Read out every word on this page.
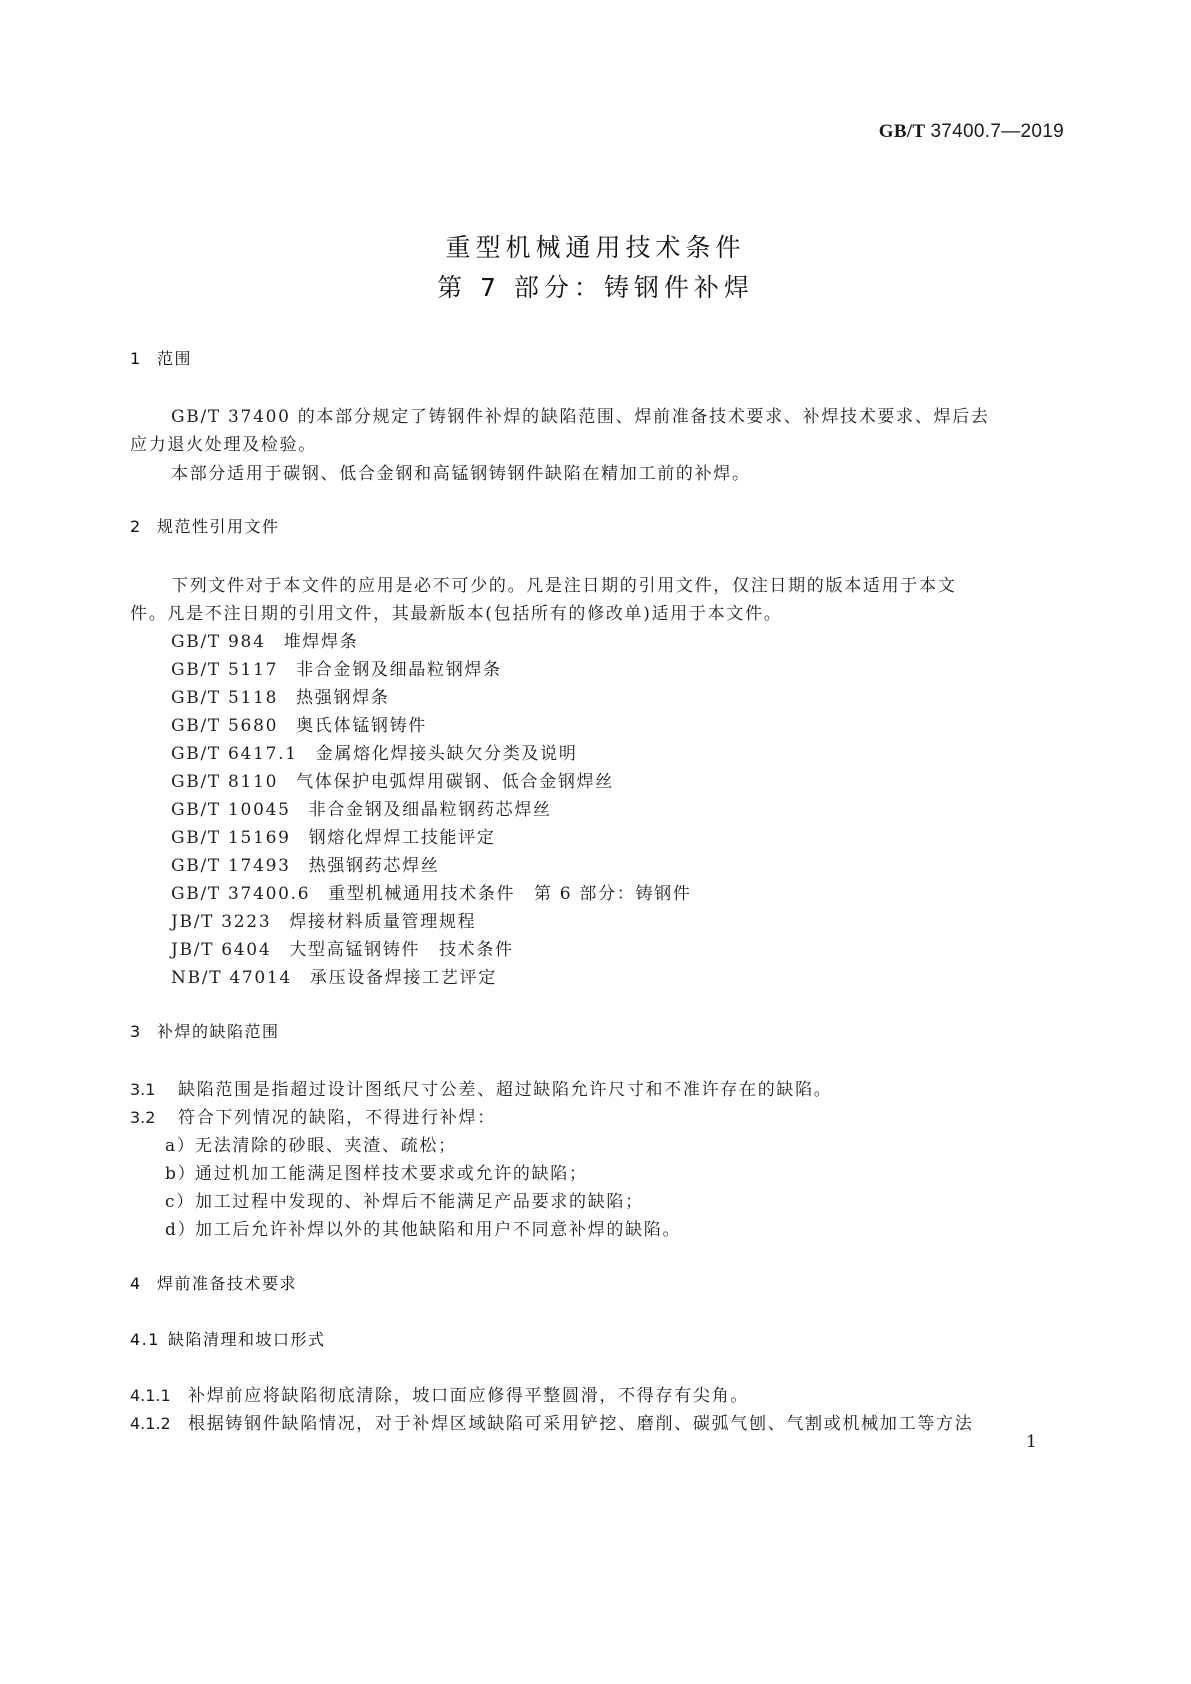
GB/T 37400.7—2019
重型机械通用技术条件
第 7 部分：铸钢件补焊
1 范围
GB/T 37400 的本部分规定了铸钢件补焊的缺陷范围、焊前准备技术要求、补焊技术要求、焊后去
应力退火处理及检验。
本部分适用于碳钢、低合金钢和高锰钢铸钢件缺陷在精加工前的补焊。
2 规范性引用文件
下列文件对于本文件的应用是必不可少的。凡是注日期的引用文件，仅注日期的版本适用于本文
件。凡是不注日期的引用文件，其最新版本(包括所有的修改单)适用于本文件。
GB/T 984 堆焊焊条
GB/T 5117 非合金钢及细晶粒钢焊条
GB/T 5118 热强钢焊条
GB/T 5680 奥氏体锰钢铸件
GB/T 6417.1 金属熔化焊接头缺欠分类及说明
GB/T 8110 气体保护电弧焊用碳钢、低合金钢焊丝
GB/T 10045 非合金钢及细晶粒钢药芯焊丝
GB/T 15169 钢熔化焊焊工技能评定
GB/T 17493 热强钢药芯焊丝
GB/T 37400.6 重型机械通用技术条件　第 6 部分：铸钢件
JB/T 3223 焊接材料质量管理规程
JB/T 6404 大型高锰钢铸件　技术条件
NB/T 47014 承压设备焊接工艺评定
3 补焊的缺陷范围
3.1 缺陷范围是指超过设计图纸尺寸公差、超过缺陷允许尺寸和不准许存在的缺陷。
3.2 符合下列情况的缺陷，不得进行补焊：
a）无法清除的砂眼、夹渣、疏松；
b）通过机加工能满足图样技术要求或允许的缺陷；
c）加工过程中发现的、补焊后不能满足产品要求的缺陷；
d）加工后允许补焊以外的其他缺陷和用户不同意补焊的缺陷。
4 焊前准备技术要求
4.1 缺陷清理和坡口形式
4.1.1 补焊前应将缺陷彻底清除，坡口面应修得平整圆滑，不得存有尖角。
4.1.2 根据铸钢件缺陷情况，对于补焊区域缺陷可采用铲挖、磨削、碳弧气刨、气割或机械加工等方法
1
